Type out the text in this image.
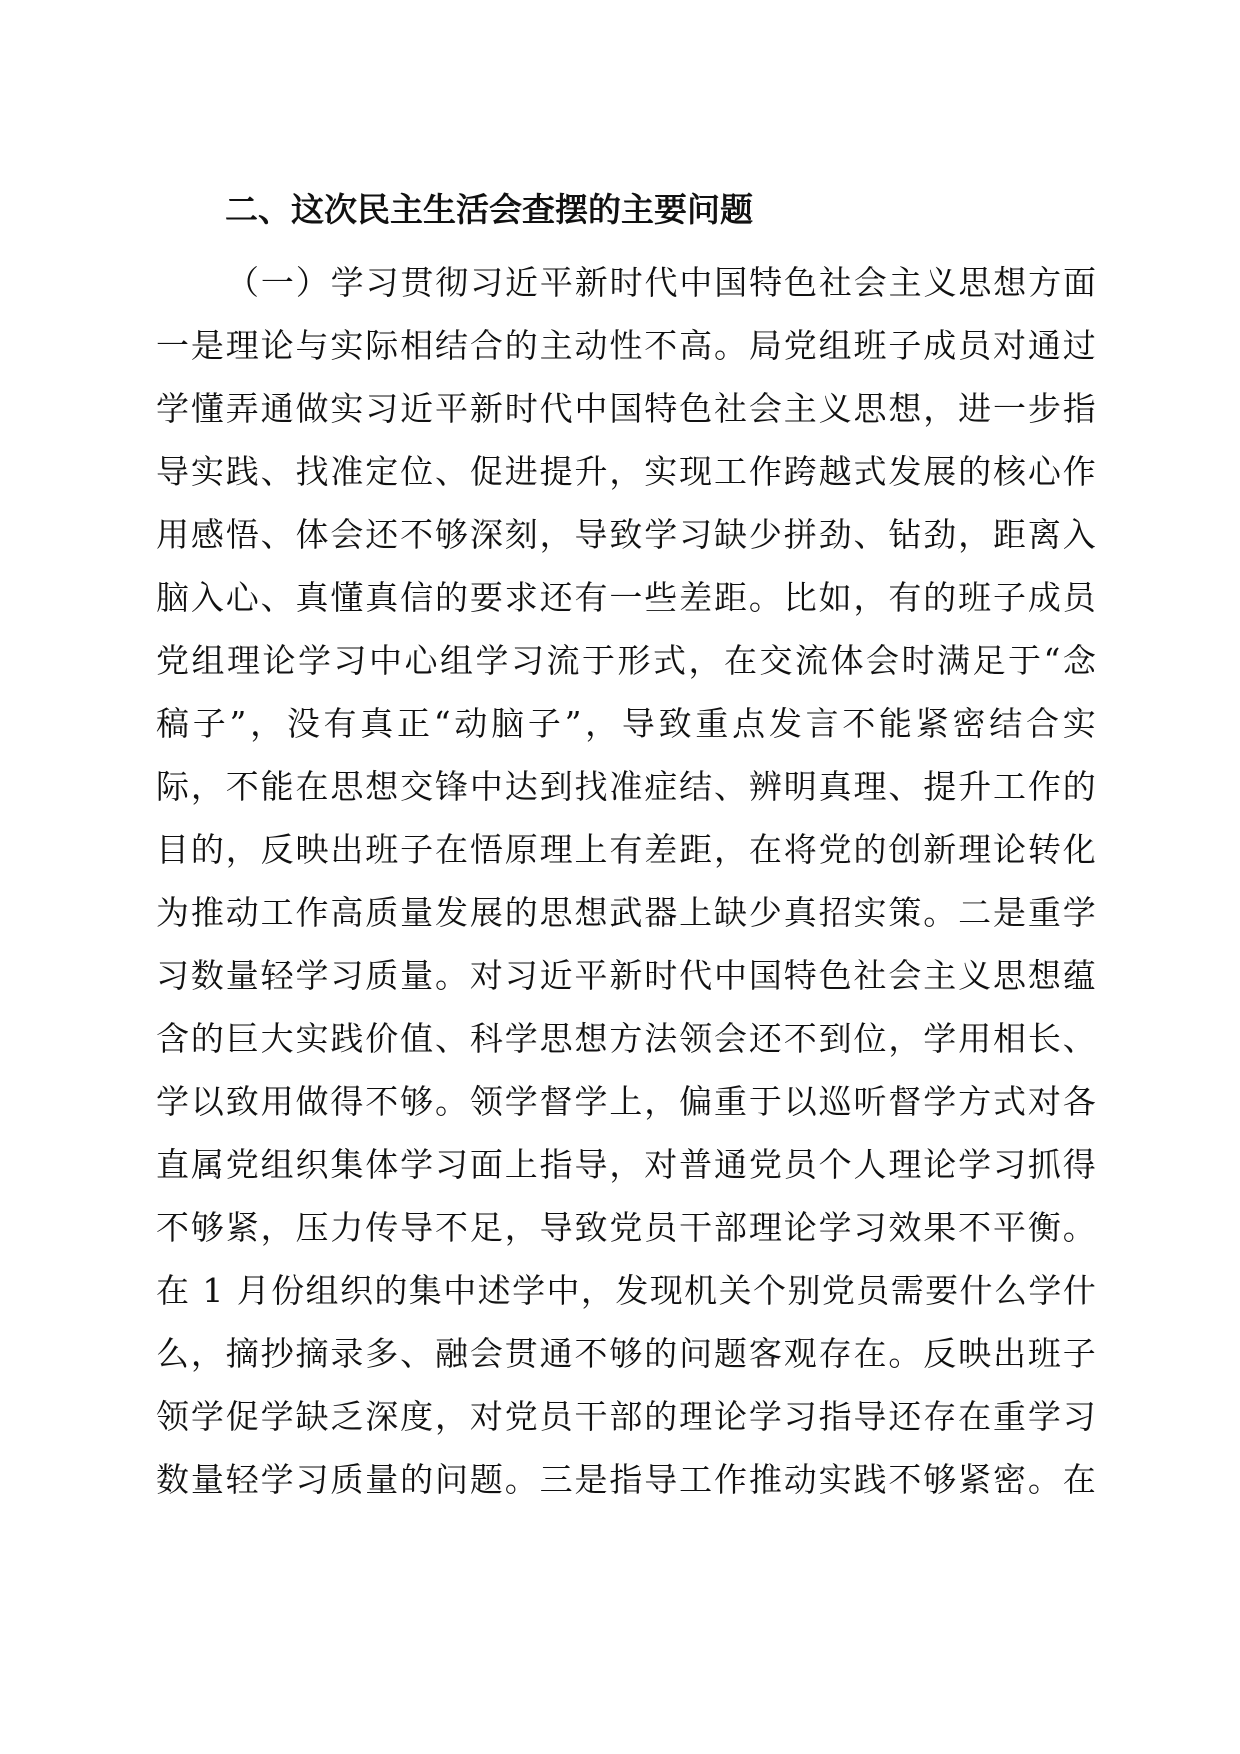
二、这次民主生活会查摆的主要问题
（ 一 ） 学 习 贯 彻 习 近 平 新 时 代 中 国 特 色 社 会 主 义 思 想 方 面
一 是 理 论 与 实 际 相 结 合 的 主 动 性 不 高 。 局 党 组 班 子 成 员 对 通 过
学 懂 弄 通 做 实 习 近 平 新 时 代 中 国 特 色 社 会 主 义 思 想 ， 进 一 步 指
导 实 践 、 找 准 定 位 、 促 进 提 升 ， 实 现 工 作 跨 越 式 发 展 的 核 心 作
用 感 悟 、 体 会 还 不 够 深 刻 ， 导 致 学 习 缺 少 拼 劲 、 钻 劲 ， 距 离 入
脑 入 心 、 真 懂 真 信 的 要 求 还 有 一 些 差 距 。 比 如 ， 有 的 班 子 成 员
党 组 理 论 学 习 中 心 组 学 习 流 于 形 式 ， 在 交 流 体 会 时 满 足 于 “ 念
稿 子 ” ， 没 有 真 正 “ 动 脑 子 ” ， 导 致 重 点 发 言 不 能 紧 密 结 合 实
际 ， 不 能 在 思 想 交 锋 中 达 到 找 准 症 结 、 辨 明 真 理 、 提 升 工 作 的
目 的 ， 反 映 出 班 子 在 悟 原 理 上 有 差 距 ， 在 将 党 的 创 新 理 论 转 化
为 推 动 工 作 高 质 量 发 展 的 思 想 武 器 上 缺 少 真 招 实 策 。 二 是 重 学
习 数 量 轻 学 习 质 量 。 对 习 近 平 新 时 代 中 国 特 色 社 会 主 义 思 想 蕴
含 的 巨 大 实 践 价 值 、 科 学 思 想 方 法 领 会 还 不 到 位 ， 学 用 相 长 、
学 以 致 用 做 得 不 够 。 领 学 督 学 上 ， 偏 重 于 以 巡 听 督 学 方 式 对 各
直 属 党 组 织 集 体 学 习 面 上 指 导 ， 对 普 通 党 员 个 人 理 论 学 习 抓 得
不 够 紧 ， 压 力 传 导 不 足 ， 导 致 党 员 干 部 理 论 学 习 效 果 不 平 衡 。
在
1
月 份 组 织 的 集 中 述 学 中 ， 发 现 机 关 个 别 党 员 需 要 什 么 学 什
么 ， 摘 抄 摘 录 多 、 融 会 贯 通 不 够 的 问 题 客 观 存 在 。 反 映 出 班 子
领 学 促 学 缺 乏 深 度 ， 对 党 员 干 部 的 理 论 学 习 指 导 还 存 在 重 学 习
数 量 轻 学 习 质 量 的 问 题 。 三 是 指 导 工 作 推 动 实 践 不 够 紧 密 。 在
